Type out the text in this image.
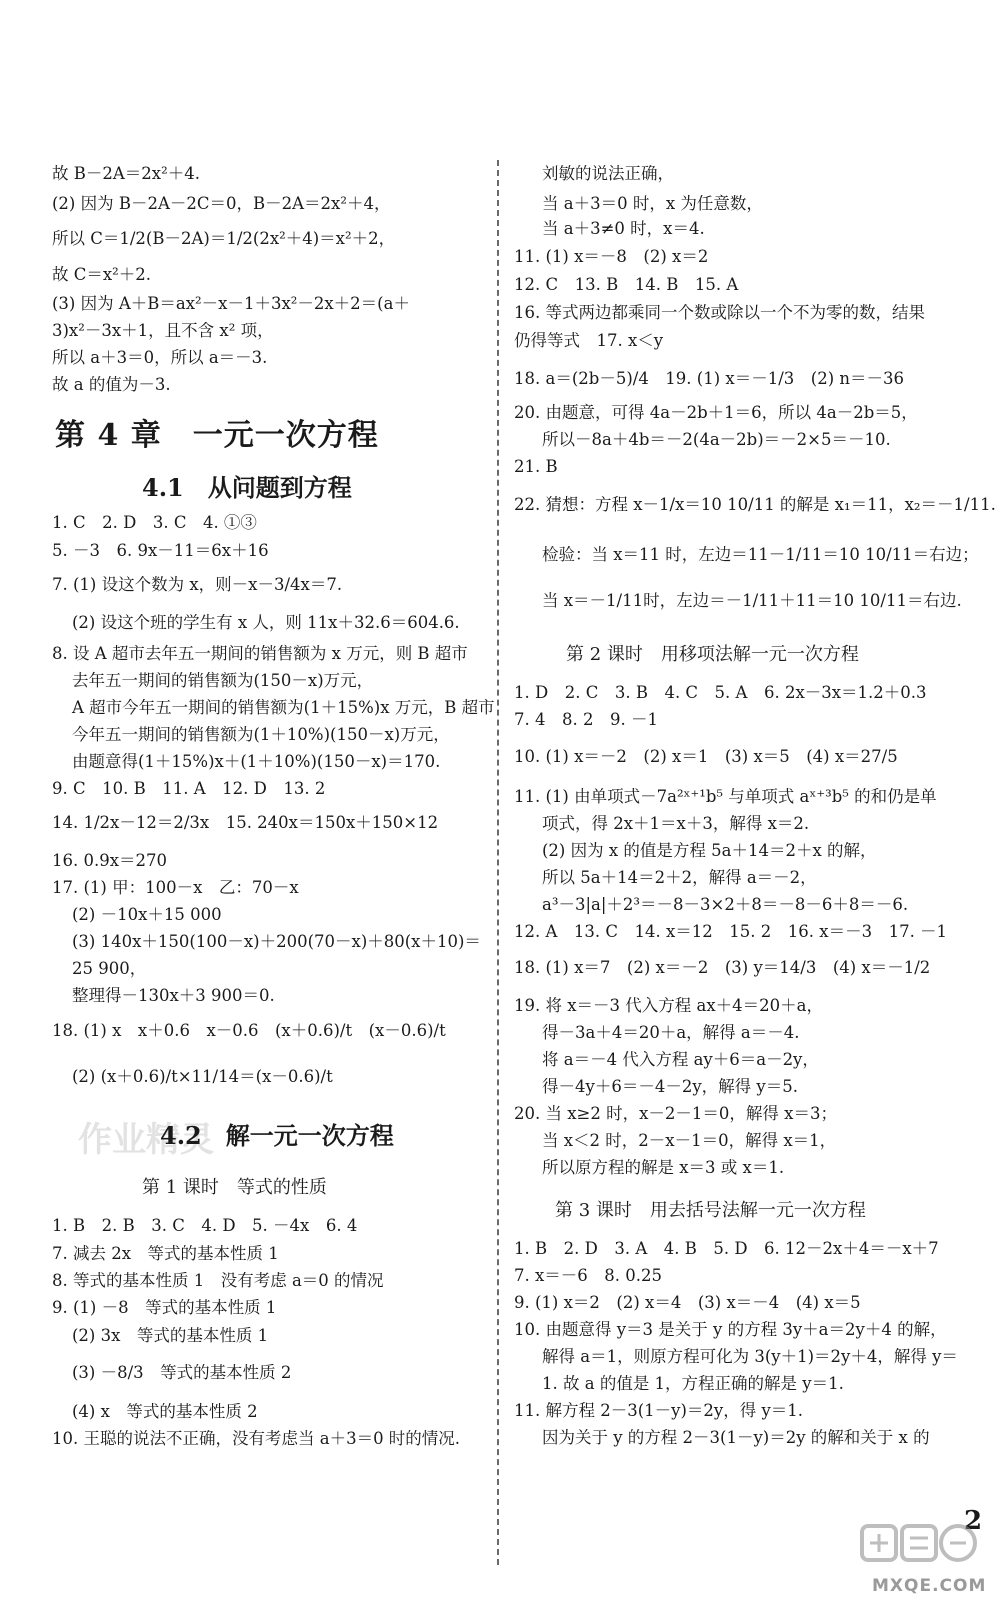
故 B－2A＝2x²＋4.
(2) 因为 B－2A－2C＝0，B－2A＝2x²＋4，
所以 C＝1/2(B－2A)＝1/2(2x²＋4)＝x²＋2，
故 C＝x²＋2.
(3) 因为 A＋B＝ax²－x－1＋3x²－2x＋2＝(a＋
3)x²－3x＋1，且不含 x² 项，
所以 a＋3＝0，所以 a＝－3.
故 a 的值为－3.
第 4 章　一元一次方程
4.1　从问题到方程
1. C　2. D　3. C　4. ①③
5. －3　6. 9x－11＝6x＋16
7. (1) 设这个数为 x，则－x－3/4x＝7.
(2) 设这个班的学生有 x 人，则 11x＋32.6＝604.6.
8. 设 A 超市去年五一期间的销售额为 x 万元，则 B 超市
去年五一期间的销售额为(150－x)万元，
A 超市今年五一期间的销售额为(1＋15%)x 万元，B 超市
今年五一期间的销售额为(1＋10%)(150－x)万元，
由题意得(1＋15%)x＋(1＋10%)(150－x)＝170.
9. C　10. B　11. A　12. D　13. 2
14. 1/2x－12＝2/3x　15. 240x＝150x＋150×12
16. 0.9x＝270
17. (1) 甲：100－x　乙：70－x
(2) －10x＋15 000
(3) 140x＋150(100－x)＋200(70－x)＋80(x＋10)＝
25 900，
整理得－130x＋3 900＝0.
18. (1) x　x＋0.6　x－0.6　(x＋0.6)/t　(x－0.6)/t
(2) (x＋0.6)/t×11/14＝(x－0.6)/t
作业精灵
4.2　解一元一次方程
第 1 课时　等式的性质
1. B　2. B　3. C　4. D　5. －4x　6. 4
7. 减去 2x　等式的基本性质 1
8. 等式的基本性质 1　没有考虑 a＝0 的情况
9. (1) －8　等式的基本性质 1
(2) 3x　等式的基本性质 1
(3) －8/3　等式的基本性质 2
(4) x　等式的基本性质 2
10. 王聪的说法不正确，没有考虑当 a＋3＝0 时的情况.
刘敏的说法正确，
当 a＋3＝0 时，x 为任意数，
当 a＋3≠0 时，x＝4.
11. (1) x＝－8　(2) x＝2
12. C　13. B　14. B　15. A
16. 等式两边都乘同一个数或除以一个不为零的数，结果
仍得等式　17. x＜y
18. a＝(2b－5)/4　19. (1) x＝－1/3　(2) n＝－36
20. 由题意，可得 4a－2b＋1＝6，所以 4a－2b＝5，
所以－8a＋4b＝－2(4a－2b)＝－2×5＝－10.
21. B
22. 猜想：方程 x－1/x＝10 10/11 的解是 x₁＝11，x₂＝－1/11.
检验：当 x＝11 时，左边＝11－1/11＝10 10/11＝右边；
当 x＝－1/11时，左边＝－1/11＋11＝10 10/11＝右边.
第 2 课时　用移项法解一元一次方程
1. D　2. C　3. B　4. C　5. A　6. 2x－3x＝1.2＋0.3
7. 4　8. 2　9. －1
10. (1) x＝－2　(2) x＝1　(3) x＝5　(4) x＝27/5
11. (1) 由单项式－7a²ˣ⁺¹b⁵ 与单项式 aˣ⁺³b⁵ 的和仍是单
项式，得 2x＋1＝x＋3，解得 x＝2.
(2) 因为 x 的值是方程 5a＋14＝2＋x 的解，
所以 5a＋14＝2＋2，解得 a＝－2，
a³－3|a|＋2³＝－8－3×2＋8＝－8－6＋8＝－6.
12. A　13. C　14. x＝12　15. 2　16. x＝－3　17. －1
18. (1) x＝7　(2) x＝－2　(3) y＝14/3　(4) x＝－1/2
19. 将 x＝－3 代入方程 ax＋4＝20＋a，
得－3a＋4＝20＋a，解得 a＝－4.
将 a＝－4 代入方程 ay＋6＝a－2y，
得－4y＋6＝－4－2y，解得 y＝5.
20. 当 x≥2 时，x－2－1＝0，解得 x＝3；
当 x＜2 时，2－x－1＝0，解得 x＝1，
所以原方程的解是 x＝3 或 x＝1.
第 3 课时　用去括号法解一元一次方程
1. B　2. D　3. A　4. B　5. D　6. 12－2x＋4＝－x＋7
7. x＝－6　8. 0.25
9. (1) x＝2　(2) x＝4　(3) x＝－4　(4) x＝5
10. 由题意得 y＝3 是关于 y 的方程 3y＋a＝2y＋4 的解，
解得 a＝1，则原方程可化为 3(y＋1)＝2y＋4，解得 y＝
1. 故 a 的值是 1，方程正确的解是 y＝1.
11. 解方程 2－3(1－y)＝2y，得 y＝1.
因为关于 y 的方程 2－3(1－y)＝2y 的解和关于 x 的
2
MXQE.COM
